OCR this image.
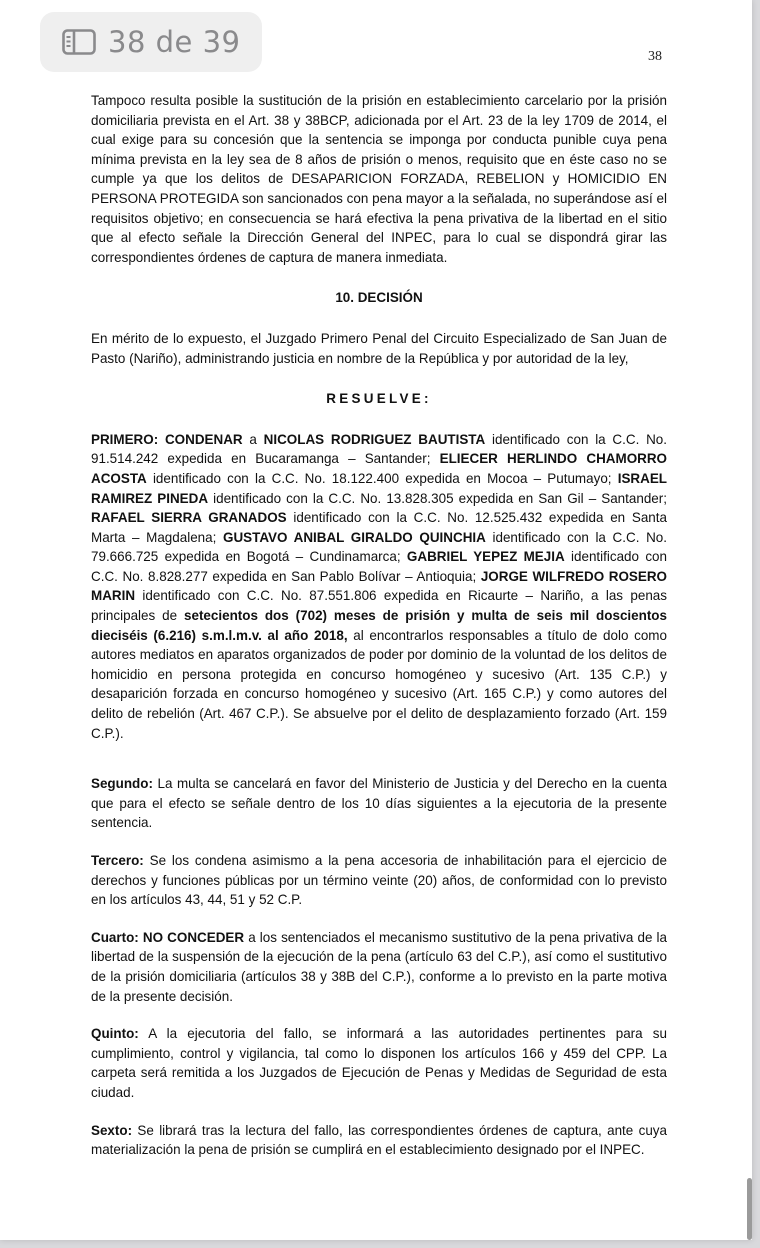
38 de 39	38

Tampoco resulta posible la sustitución de la prisión en establecimiento carcelario por la prisión domiciliaria prevista en el Art. 38 y 38BCP, adicionada por el Art. 23 de la ley 1709 de 2014, el cual exige para su concesión que la sentencia se imponga por conducta punible cuya pena mínima prevista en la ley sea de 8 años de prisión o menos, requisito que en éste caso no se cumple ya que los delitos de DESAPARICION FORZADA, REBELION y HOMICIDIO EN PERSONA PROTEGIDA son sancionados con pena mayor a la señalada, no superándose así el requisitos objetivo; en consecuencia se hará efectiva la pena privativa de la libertad en el sitio que al efecto señale la Dirección General del INPEC, para lo cual se dispondrá girar las correspondientes órdenes de captura de manera inmediata.

10. DECISIÓN

En mérito de lo expuesto, el Juzgado Primero Penal del Circuito Especializado de San Juan de Pasto (Nariño), administrando justicia en nombre de la República y por autoridad de la ley,

RESUELVE:

PRIMERO: CONDENAR a NICOLAS RODRIGUEZ BAUTISTA identificado con la C.C. No. 91.514.242 expedida en Bucaramanga – Santander; ELIECER HERLINDO CHAMORRO ACOSTA identificado con la C.C. No. 18.122.400 expedida en Mocoa – Putumayo; ISRAEL RAMIREZ PINEDA identificado con la C.C. No. 13.828.305 expedida en San Gil – Santander; RAFAEL SIERRA GRANADOS identificado con la C.C. No. 12.525.432 expedida en Santa Marta – Magdalena; GUSTAVO ANIBAL GIRALDO QUINCHIA identificado con la C.C. No. 79.666.725 expedida en Bogotá – Cundinamarca; GABRIEL YEPEZ MEJIA identificado con C.C. No. 8.828.277 expedida en San Pablo Bolívar – Antioquia; JORGE WILFREDO ROSERO MARIN identificado con C.C. No. 87.551.806 expedida en Ricaurte – Nariño, a las penas principales de setecientos dos (702) meses de prisión y multa de seis mil doscientos dieciséis (6.216) s.m.l.m.v. al año 2018, al encontrarlos responsables a título de dolo como autores mediatos en aparatos organizados de poder por dominio de la voluntad de los delitos de homicidio en persona protegida en concurso homogéneo y sucesivo (Art. 135 C.P.) y desaparición forzada en concurso homogéneo y sucesivo (Art. 165 C.P.) y como autores del delito de rebelión (Art. 467 C.P.). Se absuelve por el delito de desplazamiento forzado (Art. 159 C.P.).

Segundo: La multa se cancelará en favor del Ministerio de Justicia y del Derecho en la cuenta que para el efecto se señale dentro de los 10 días siguientes a la ejecutoria de la presente sentencia.

Tercero: Se los condena asimismo a la pena accesoria de inhabilitación para el ejercicio de derechos y funciones públicas por un término veinte (20) años, de conformidad con lo previsto en los artículos 43, 44, 51 y 52 C.P.

Cuarto: NO CONCEDER a los sentenciados el mecanismo sustitutivo de la pena privativa de la libertad de la suspensión de la ejecución de la pena (artículo 63 del C.P.), así como el sustitutivo de la prisión domiciliaria (artículos 38 y 38B del C.P.), conforme a lo previsto en la parte motiva de la presente decisión.

Quinto: A la ejecutoria del fallo, se informará a las autoridades pertinentes para su cumplimiento, control y vigilancia, tal como lo disponen los artículos 166 y 459 del CPP. La carpeta será remitida a los Juzgados de Ejecución de Penas y Medidas de Seguridad de esta ciudad.

Sexto: Se librará tras la lectura del fallo, las correspondientes órdenes de captura, ante cuya materialización la pena de prisión se cumplirá en el establecimiento designado por el INPEC.
